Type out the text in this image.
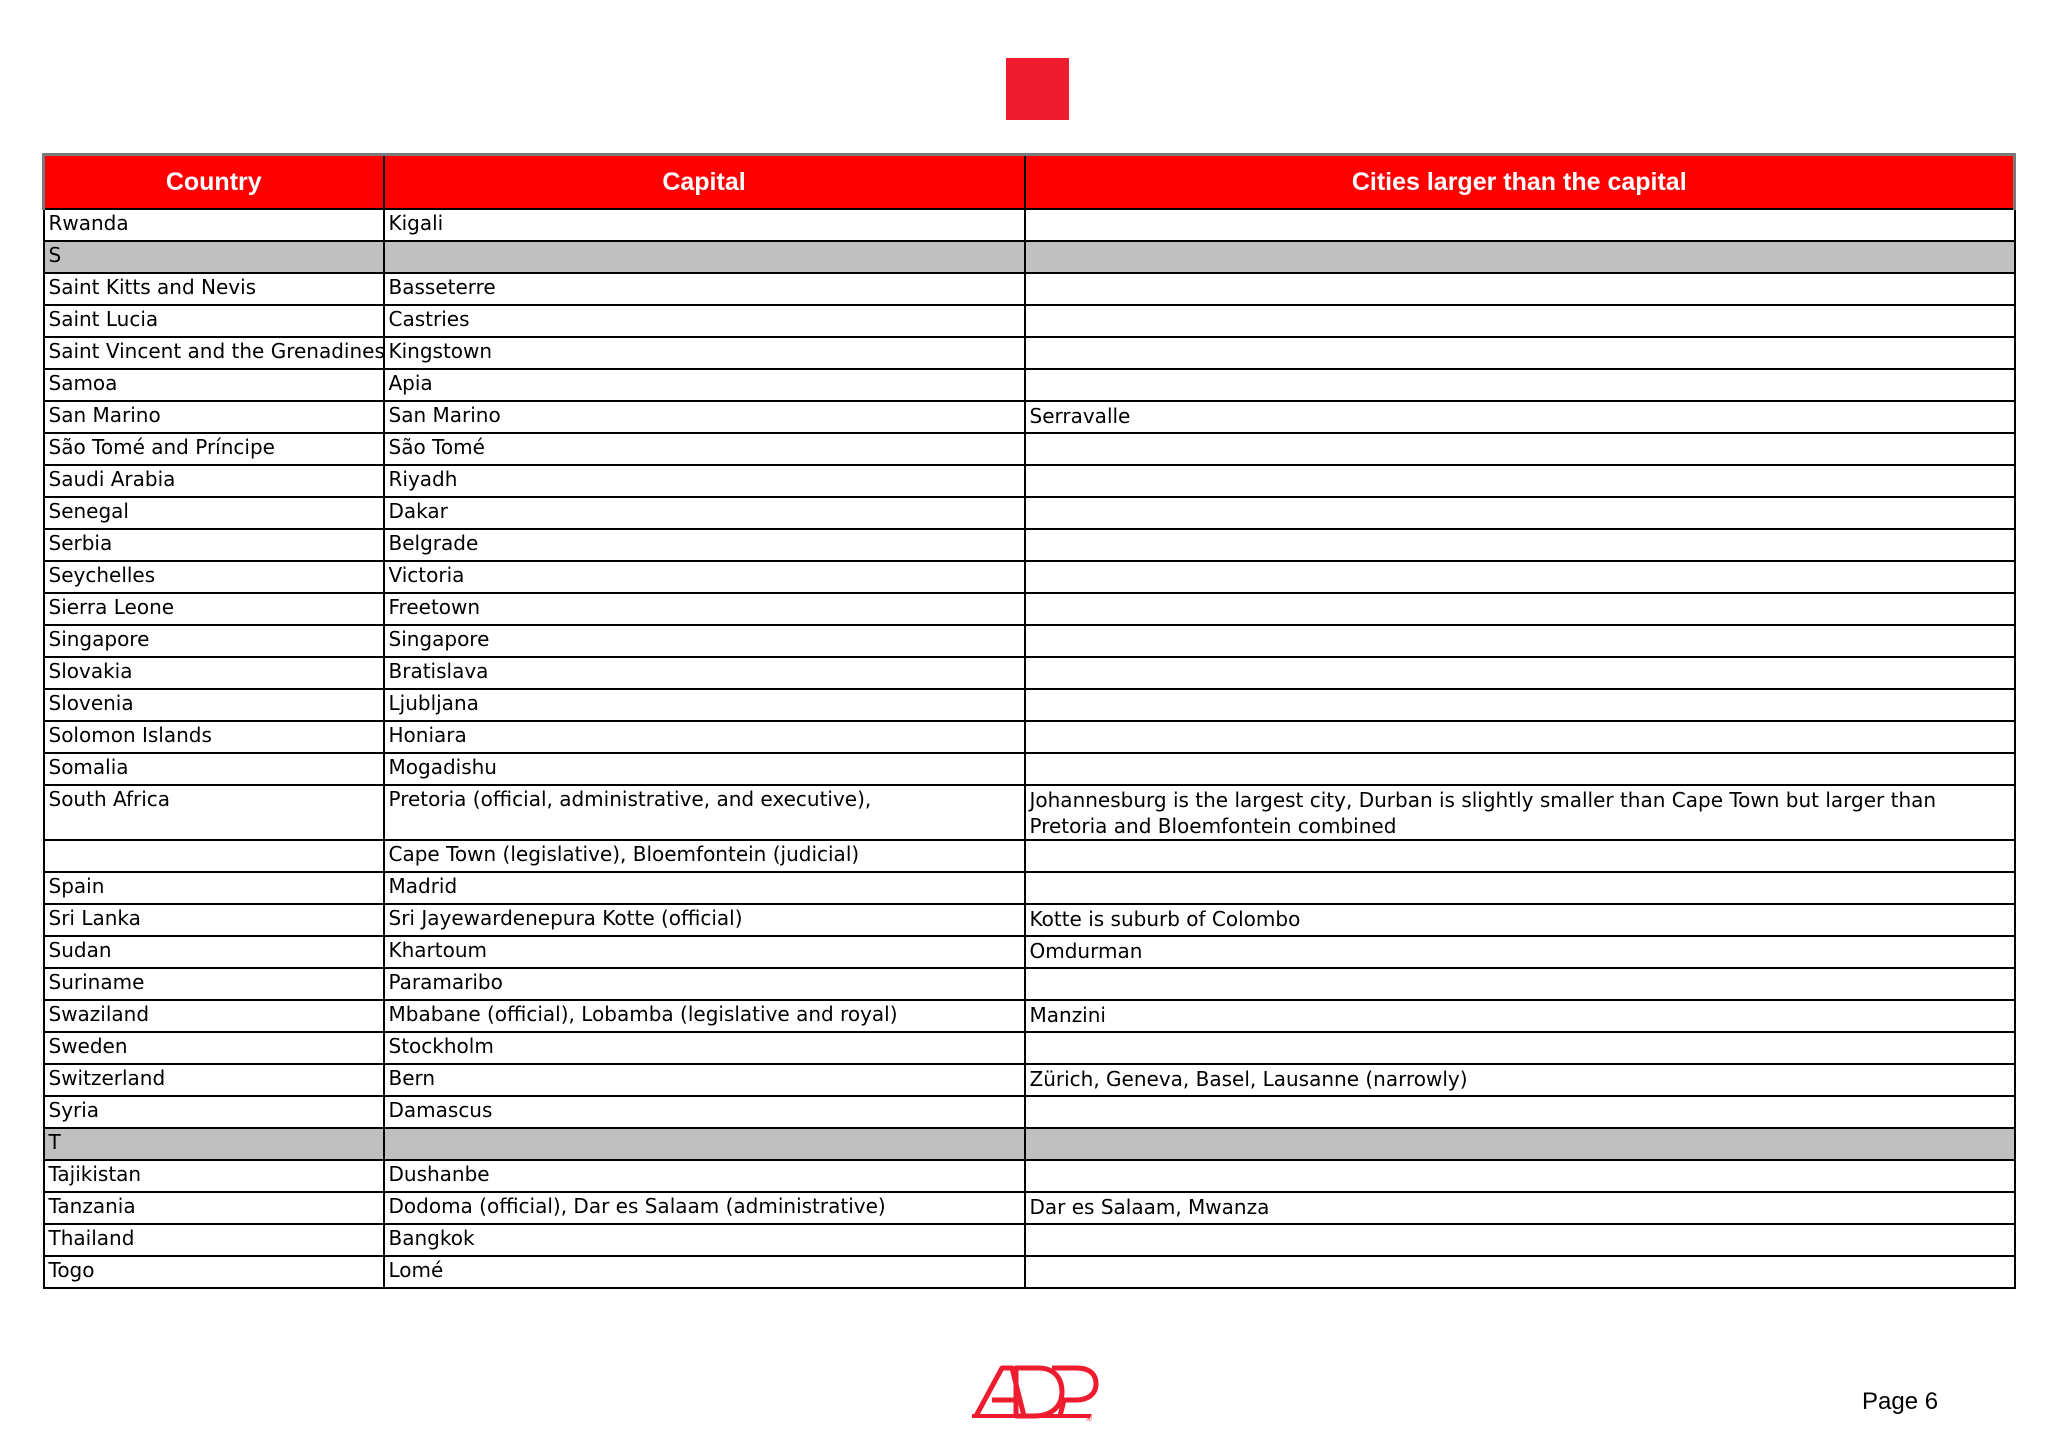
Country	Capital	Cities larger than the capital
Rwanda	Kigali	
S		
Saint Kitts and Nevis	Basseterre	
Saint Lucia	Castries	
Saint Vincent and the Grenadines	Kingstown	
Samoa	Apia	
San Marino	San Marino	Serravalle
São Tomé and Príncipe	São Tomé	
Saudi Arabia	Riyadh	
Senegal	Dakar	
Serbia	Belgrade	
Seychelles	Victoria	
Sierra Leone	Freetown	
Singapore	Singapore	
Slovakia	Bratislava	
Slovenia	Ljubljana	
Solomon Islands	Honiara	
Somalia	Mogadishu	
South Africa	Pretoria (official, administrative, and executive),	Johannesburg is the largest city, Durban is slightly smaller than Cape Town but larger than Pretoria and Bloemfontein combined
	Cape Town (legislative), Bloemfontein (judicial)	
Spain	Madrid	
Sri Lanka	Sri Jayewardenepura Kotte (official)	Kotte is suburb of Colombo
Sudan	Khartoum	Omdurman
Suriname	Paramaribo	
Swaziland	Mbabane (official), Lobamba (legislative and royal)	Manzini
Sweden	Stockholm	
Switzerland	Bern	Zürich, Geneva, Basel, Lausanne (narrowly)
Syria	Damascus	
T		
Tajikistan	Dushanbe	
Tanzania	Dodoma (official), Dar es Salaam (administrative)	Dar es Salaam, Mwanza
Thailand	Bangkok	
Togo	Lomé	
®
Page 6
